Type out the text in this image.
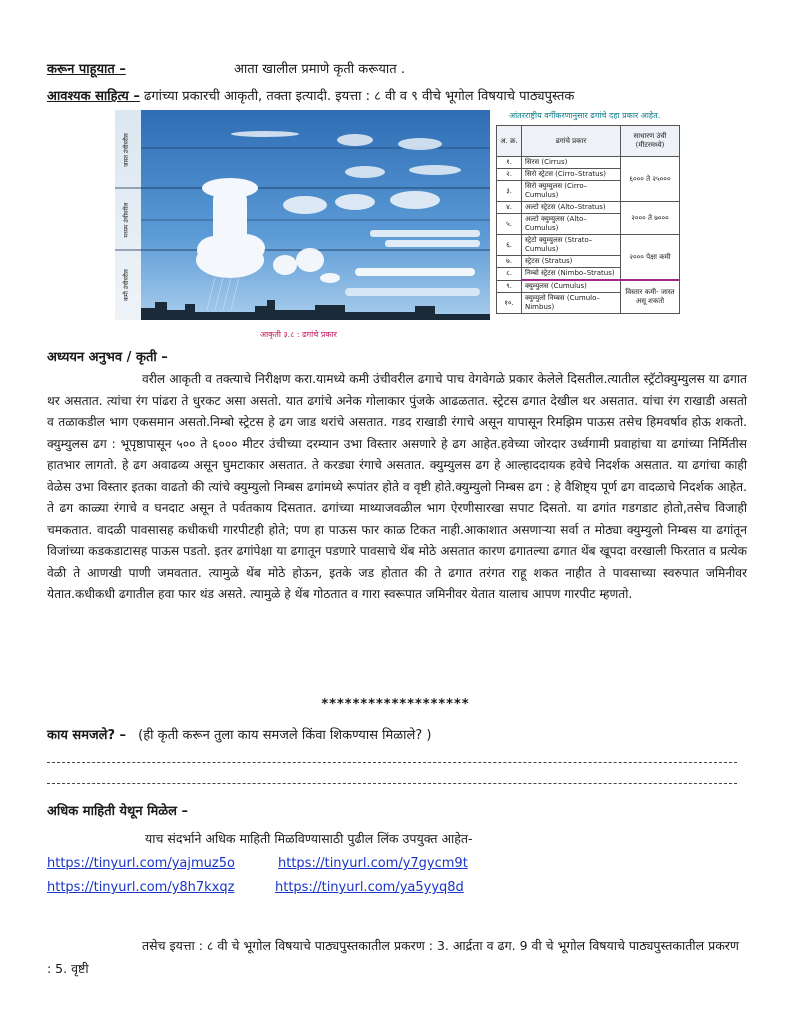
करून पाहूयात –	आता खालील प्रमाणे कृती करूयात .
आवश्यक साहित्य – ढगांच्या प्रकारची आकृती, तक्ता इत्यादी. इयत्ता : ८ वी व ९ वीचे भूगोल विषयाचे पाठ्यपुस्तक
जास्त उंचीवरील
मध्यम उंचीवरील
कमी उंचीवरील
आकृती ३.८ : ढगांचे प्रकार
आंतरराष्ट्रीय वर्गीकरणानुसार ढगांचे दहा प्रकार आहेत.
अ. क्र.	ढगांचे प्रकार	साधारण उंची (मीटरमध्ये)
१.	सिरस (Cirrus)	६००० ते २५०००
२.	सिरो स्ट्रेटस (Cirro–Stratus)	
३.	सिरो क्युम्युलस (Cirro–Cumulus)	
४.	अल्टो स्ट्रेटस (Alto–Stratus)	२००० ते ७०००
५.	अल्टो क्युम्युलस (Alto–Cumulus)	
६.	स्ट्रेटो क्युम्युलस (Strato–Cumulus)	२००० पेक्षा कमी
७.	स्ट्रेटस (Stratus)	
८.	निम्बो स्ट्रेटस (Nimbo–Stratus)	
९.	क्युम्युलस (Cumulus)	विस्तार कमी- जास्त असू शकतो
१०.	क्युम्युलो निम्बस (Cumulo–Nimbus)	
अध्ययन अनुभव / कृती –

वरील आकृती व तक्त्याचे निरीक्षण करा.यामध्ये कमी उंचीवरील ढगाचे पाच वेगवेगळे प्रकार केलेले दिसतील.त्यातील स्ट्रॅटोक्युम्युलस या ढगात थर असतात. त्यांचा रंग पांढरा ते धुरकट असा असतो. यात ढगांचे अनेक गोलाकार पुंजके आढळतात. स्ट्रेटस ढगात देखील थर असतात. यांचा रंग राखाडी असतो व तळाकडील भाग एकसमान असतो.निम्बो स्ट्रेटस हे ढग जाड थरांचे असतात. गडद राखाडी रंगाचे असून यापासून रिमझिम पाऊस तसेच हिमवर्षाव होऊ शकतो. क्युम्युलस ढग : भूपृष्ठापासून ५०० ते ६००० मीटर उंचीच्या दरम्यान उभा विस्तार असणारे हे ढग आहेत.हवेच्या जोरदार उर्ध्वगामी प्रवाहांचा या ढगांच्या निर्मितीस हातभार लागतो. हे ढग अवाढव्य असून घुमटाकार असतात. ते करड्या रंगाचे असतात. क्युम्युलस ढग हे आल्हाददायक हवेचे निदर्शक असतात. या ढगांचा काही वेळेस उभा विस्तार इतका वाढतो की त्यांचे क्युम्युलो निम्बस ढगांमध्ये रूपांतर होते व वृष्टी होते.क्युम्युलो निम्बस ढग : हे वैशिष्ट्य पूर्ण ढग वादळाचे निदर्शक आहेत. ते ढग काळ्या रंगाचे व घनदाट असून ते पर्वतकाय दिसतात. ढगांच्या माथ्याजवळील भाग ऐरणीसारखा सपाट दिसतो. या ढगांत गडगडाट होतो,तसेच विजाही चमकतात. वादळी पावसासह कधीकधी गारपीटही होते; पण हा पाऊस फार काळ टिकत नाही.आकाशात असणाऱ्या सर्वा त मोठ्या क्युम्युलो निम्बस या ढगांतून विजांच्या कडकडाटासह पाऊस पडतो. इतर ढगांपेक्षा या ढगातून पडणारे पावसाचे थेंब मोठे असतात कारण ढगातल्या ढगात थेंब खूपदा वरखाली फिरतात व प्रत्येक वेळी ते आणखी पाणी जमवतात. त्यामुळे थेंब मोठे होऊन, इतके जड होतात की ते ढगात तरंगत राहू शकत नाहीत ते पावसाच्या स्वरुपात जमिनीवर येतात.कधीकधी ढगातील हवा फार थंड असते. त्यामुळे हे थेंब गोठतात व गारा स्वरूपात जमिनीवर येतात यालाच आपण गारपीट म्हणतो.

*******************
काय समजले? – (ही कृती करून तुला काय समजले किंवा शिकण्यास मिळाले? )
अधिक माहिती येथून मिळेल –
याच संदर्भाने अधिक माहिती मिळविण्यासाठी पुढील लिंक उपयुक्त आहेत-
https://tinyurl.com/yajmuz5o	https://tinyurl.com/y7gycm9t
https://tinyurl.com/y8h7kxqz	https://tinyurl.com/ya5yyq8d

तसेच इयत्ता : ८ वी चे भूगोल विषयाचे पाठ्यपुस्तकातील प्रकरण : 3. आर्द्रता व ढग. 9 वी चे भूगोल विषयाचे पाठ्यपुस्तकातील प्रकरण : 5. वृष्टी
